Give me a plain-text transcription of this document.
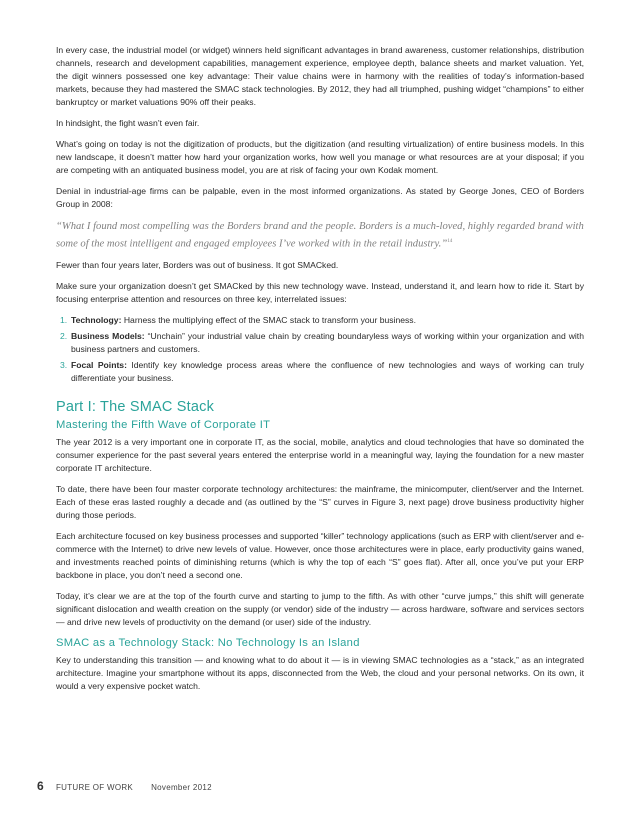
In every case, the industrial model (or widget) winners held significant advantages in brand awareness, customer relationships, distribution channels, research and development capabilities, management experience, employee depth, balance sheets and market valuation. Yet, the digit winners possessed one key advantage: Their value chains were in harmony with the realities of today’s information-based markets, because they had mastered the SMAC stack technologies. By 2012, they had all triumphed, pushing widget “champions” to either bankruptcy or market valuations 90% off their peaks.

In hindsight, the fight wasn’t even fair.

What’s going on today is not the digitization of products, but the digitization (and resulting virtualization) of entire business models. In this new landscape, it doesn’t matter how hard your organization works, how well you manage or what resources are at your disposal; if you are competing with an antiquated business model, you are at risk of facing your own Kodak moment.

Denial in industrial-age firms can be palpable, even in the most informed organizations. As stated by George Jones, CEO of Borders Group in 2008:

“What I found most compelling was the Borders brand and the people. Borders is a much-loved, highly regarded brand with some of the most intelligent and engaged employees I’ve worked with in the retail industry.”$^{14}$

Fewer than four years later, Borders was out of business. It got SMACked.

Make sure your organization doesn’t get SMACked by this new technology wave. Instead, understand it, and learn how to ride it. Start by focusing enterprise attention and resources on three key, interrelated issues:

1. Technology: Harness the multiplying effect of the SMAC stack to transform your business.
2. Business Models: “Unchain” your industrial value chain by creating boundaryless ways of working within your organization and with business partners and customers.
3. Focal Points: Identify key knowledge process areas where the confluence of new technologies and ways of working can truly differentiate your business.
Part I: The SMAC Stack
Mastering the Fifth Wave of Corporate IT

The year 2012 is a very important one in corporate IT, as the social, mobile, analytics and cloud technologies that have so dominated the consumer experience for the past several years entered the enterprise world in a meaningful way, laying the foundation for a new master corporate IT architecture.

To date, there have been four master corporate technology architectures: the mainframe, the minicomputer, client/server and the Internet. Each of these eras lasted roughly a decade and (as outlined by the “S” curves in Figure 3, next page) drove business productivity higher during those periods.

Each architecture focused on key business processes and supported “killer” technology applications (such as ERP with client/server and e-commerce with the Internet) to drive new levels of value. However, once those architectures were in place, early productivity gains waned, and investments reached points of diminishing returns (which is why the top of each “S” goes flat). After all, once you’ve put your ERP backbone in place, you don’t need a second one.

Today, it’s clear we are at the top of the fourth curve and starting to jump to the fifth. As with other “curve jumps,” this shift will generate significant dislocation and wealth creation on the supply (or vendor) side of the industry — across hardware, software and services sectors — and drive new levels of productivity on the demand (or user) side of the industry.

SMAC as a Technology Stack: No Technology Is an Island

Key to understanding this transition — and knowing what to do about it — is in viewing SMAC technologies as a “stack,” as an integrated architecture. Imagine your smartphone without its apps, disconnected from the Web, the cloud and your personal networks. On its own, it would a very expensive pocket watch.

6 FUTURE OF WORK November 2012
